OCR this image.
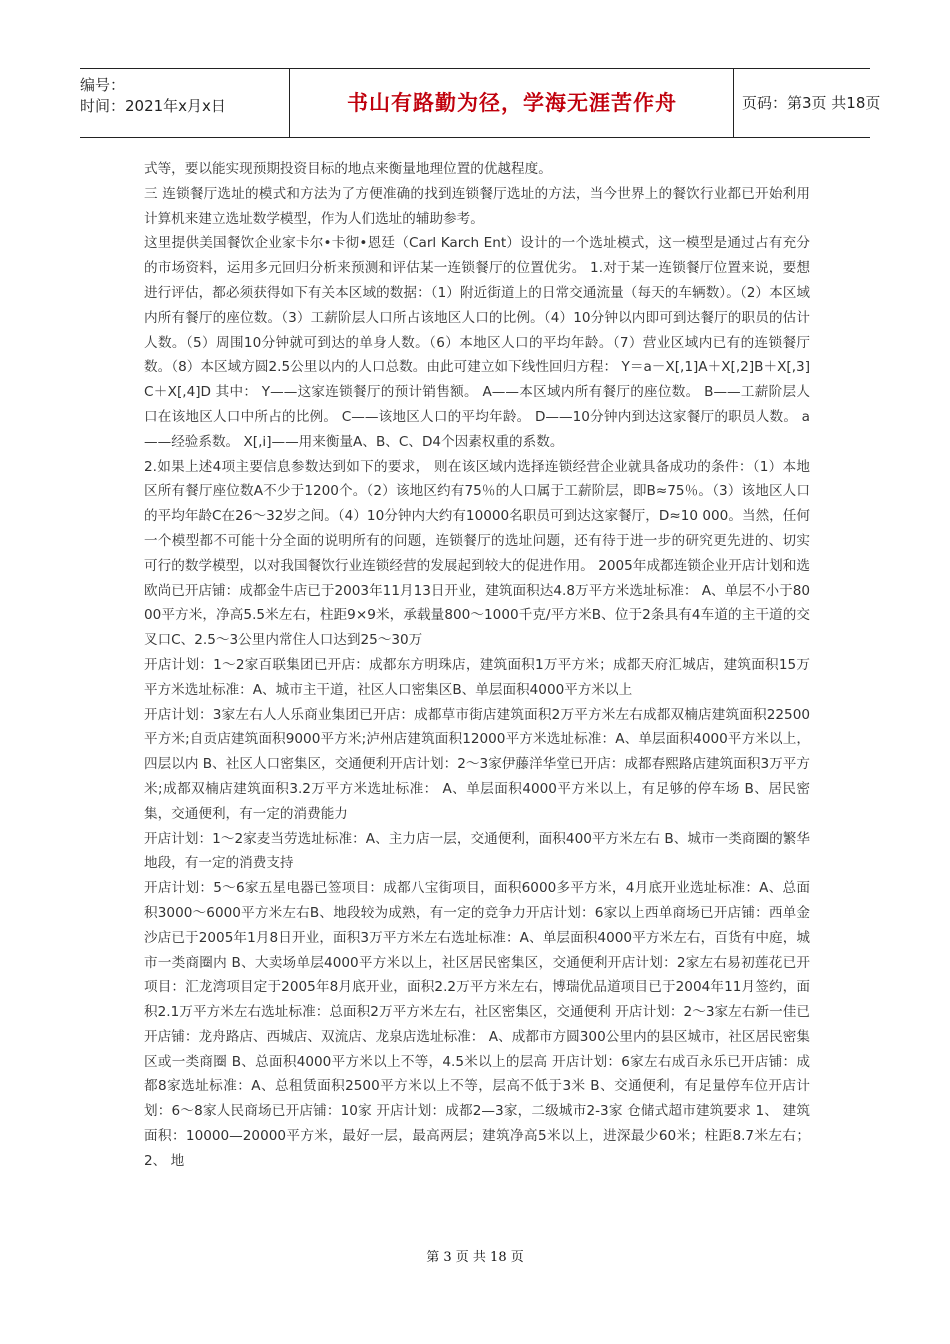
编号：
时间：2021年x月x日	书山有路勤为径，学海无涯苦作舟	页码：第3页 共18页

式等，要以能实现预期投资目标的地点来衡量地理位置的优越程度。

三 连锁餐厅选址的模式和方法为了方便准确的找到连锁餐厅选址的方法，当今世界上的餐饮行业都已开始利用计算机来建立选址数学模型，作为人们选址的辅助参考。

这里提供美国餐饮企业家卡尔•卡彻•恩廷（Carl Karch Ent）设计的一个选址模式，这一模型是通过占有充分的市场资料，运用多元回归分析来预测和评估某一连锁餐厅的位置优劣。 1.对于某一连锁餐厅位置来说，要想进行评估，都必须获得如下有关本区域的数据：（1）附近街道上的日常交通流量（每天的车辆数）。（2）本区域内所有餐厅的座位数。（3）工薪阶层人口所占该地区人口的比例。（4）10分钟以内即可到达餐厅的职员的估计人数。（5）周围10分钟就可到达的单身人数。（6）本地区人口的平均年龄。（7）营业区域内已有的连锁餐厅数。（8）本区域方圆2.5公里以内的人口总数。由此可建立如下线性回归方程： Y＝a－X[,1]A＋X[,2]B＋X[,3]C＋X[,4]D 其中： Y——这家连锁餐厅的预计销售额。 A——本区域内所有餐厅的座位数。 B——工薪阶层人口在该地区人口中所占的比例。 C——该地区人口的平均年龄。 D——10分钟内到达这家餐厅的职员人数。 a——经验系数。 X[,i]——用来衡量A、B、C、D4个因素权重的系数。

2.如果上述4项主要信息参数达到如下的要求， 则在该区域内选择连锁经营企业就具备成功的条件：（1）本地区所有餐厅座位数A不少于1200个。（2）该地区约有75％的人口属于工薪阶层，即B≈75％。（3）该地区人口的平均年龄C在26～32岁之间。（4）10分钟内大约有10000名职员可到达这家餐厅，D≈10 000。当然，任何一个模型都不可能十分全面的说明所有的问题，连锁餐厅的选址问题，还有待于进一步的研究更先进的、切实可行的数学模型，以对我国餐饮行业连锁经营的发展起到较大的促进作用。 2005年成都连锁企业开店计划和选 欧尚已开店铺：成都金牛店已于2003年11月13日开业，建筑面积达4.8万平方米选址标准： A、单层不小于8000平方米，净高5.5米左右，柱距9×9米，承载量800～1000千克/平方米B、位于2条具有4车道的主干道的交叉口C、2.5～3公里内常住人口达到25～30万

开店计划：1～2家百联集团已开店：成都东方明珠店，建筑面积1万平方米；成都天府汇城店，建筑面积15万平方米选址标准：A、城市主干道，社区人口密集区B、单层面积4000平方米以上

开店计划：3家左右人人乐商业集团已开店：成都草市街店建筑面积2万平方米左右成都双楠店建筑面积22500平方米;自贡店建筑面积9000平方米;泸州店建筑面积12000平方米选址标准：A、单层面积4000平方米以上，四层以内 B、社区人口密集区，交通便利开店计划：2～3家伊藤洋华堂已开店：成都春熙路店建筑面积3万平方米;成都双楠店建筑面积3.2万平方米选址标准： A、单层面积4000平方米以上，有足够的停车场 B、居民密集，交通便利，有一定的消费能力

开店计划：1～2家麦当劳选址标准：A、主力店一层，交通便利，面积400平方米左右 B、城市一类商圈的繁华地段，有一定的消费支持

开店计划：5～6家五星电器已签项目：成都八宝街项目，面积6000多平方米，4月底开业选址标准：A、总面积3000～6000平方米左右B、地段较为成熟，有一定的竞争力开店计划：6家以上西单商场已开店铺：西单金沙店已于2005年1月8日开业，面积3万平方米左右选址标准：A、单层面积4000平方米左右，百货有中庭，城市一类商圈内 B、大卖场单层4000平方米以上，社区居民密集区，交通便利开店计划：2家左右易初莲花已开项目：汇龙湾项目定于2005年8月底开业，面积2.2万平方米左右，博瑞优品道项目已于2004年11月签约，面积2.1万平方米左右选址标准：总面积2万平方米左右，社区密集区，交通便利 开店计划：2～3家左右新一佳已开店铺：龙舟路店、西城店、双流店、龙泉店选址标准： A、成都市方圆300公里内的县区城市，社区居民密集区或一类商圈 B、总面积4000平方米以上不等，4.5米以上的层高 开店计划：6家左右成百永乐已开店铺：成都8家选址标准：A、总租赁面积2500平方米以上不等，层高不低于3米 B、交通便利，有足量停车位开店计划：6～8家人民商场已开店铺：10家 开店计划：成都2—3家，二级城市2-3家 仓储式超市建筑要求 1、 建筑面积：10000—20000平方米，最好一层，最高两层；建筑净高5米以上，进深最少60米；柱距8.7米左右； 2、 地

第 3 页 共 18 页
